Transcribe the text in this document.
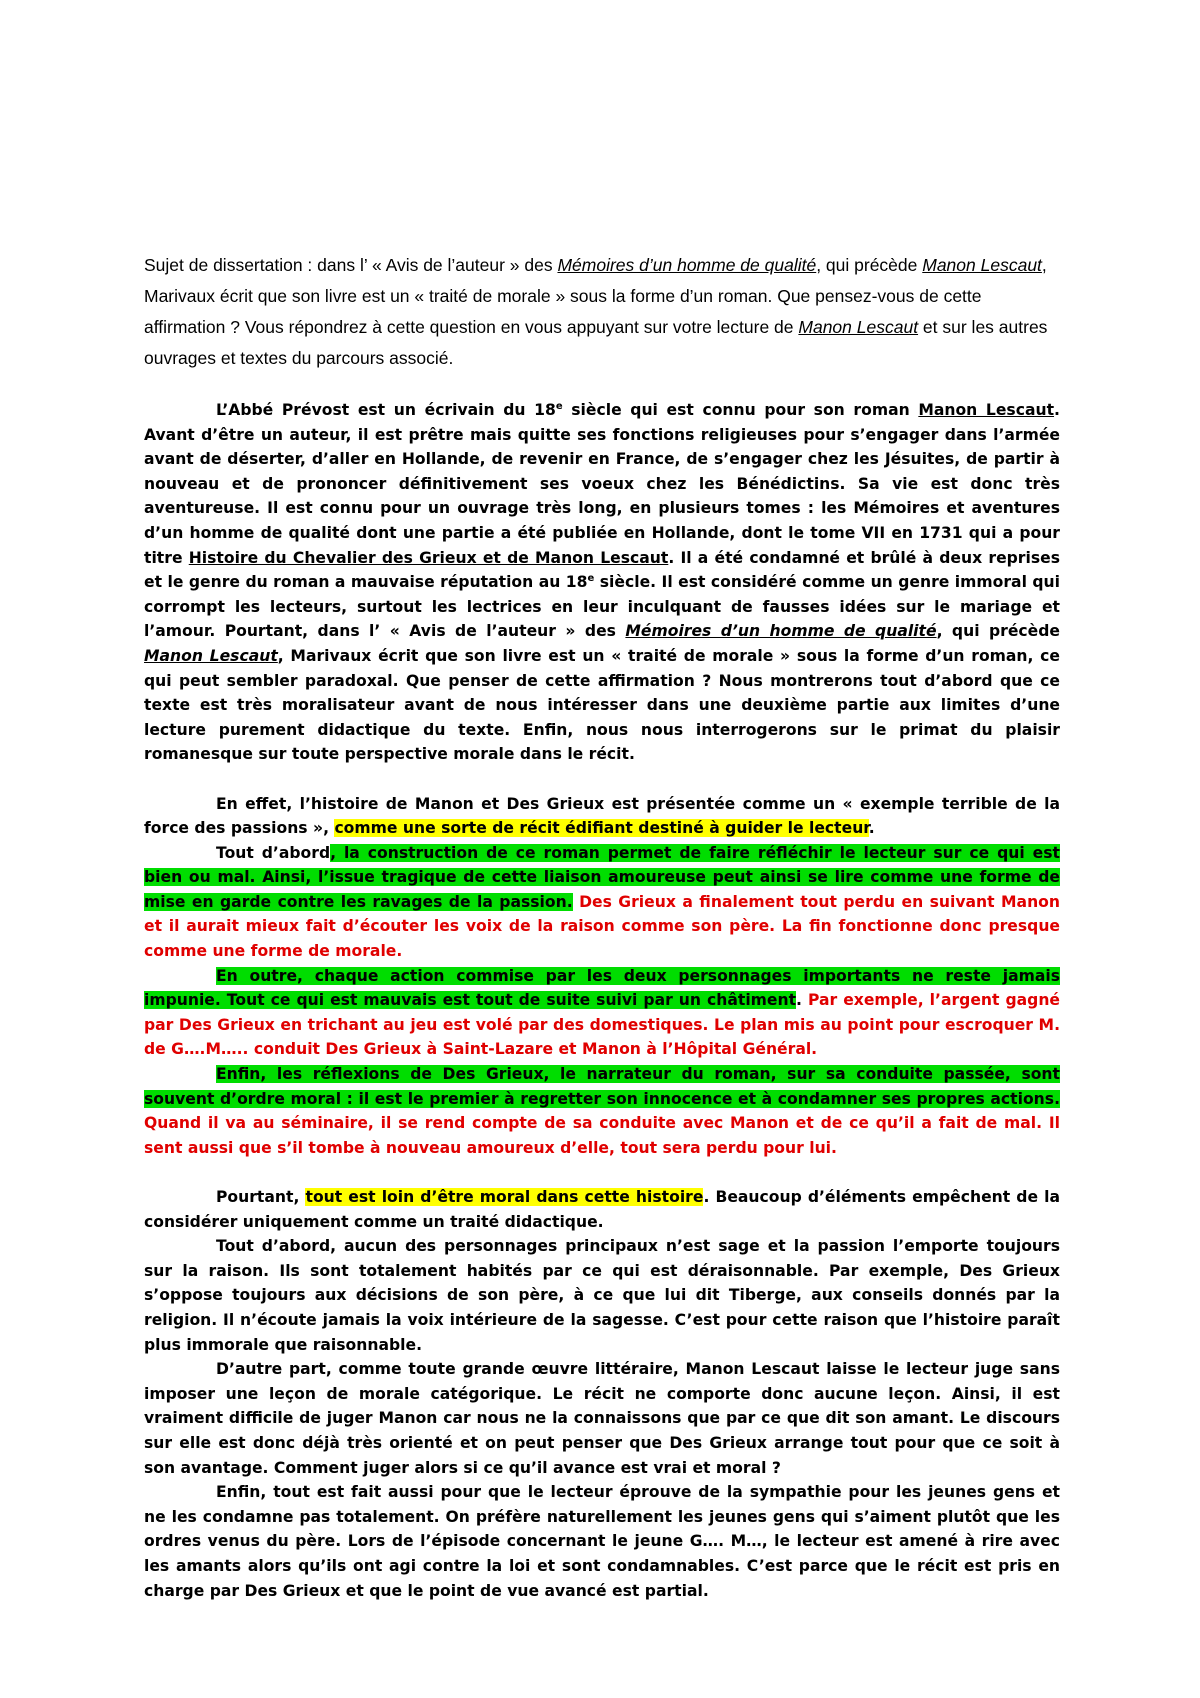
Sujet de dissertation : dans l’ « Avis de l’auteur » des Mémoires d’un homme de qualité, qui précède Manon Lescaut, Marivaux écrit que son livre est un « traité de morale » sous la forme d’un roman. Que pensez-vous de cette affirmation ? Vous répondrez à cette question en vous appuyant sur votre lecture de Manon Lescaut et sur les autres ouvrages et textes du parcours associé.

L’Abbé Prévost est un écrivain du 18e siècle qui est connu pour son roman Manon Lescaut. Avant d’être un auteur, il est prêtre mais quitte ses fonctions religieuses pour s’engager dans l’armée avant de déserter, d’aller en Hollande, de revenir en France, de s’engager chez les Jésuites, de partir à nouveau et de prononcer définitivement ses voeux chez les Bénédictins. Sa vie est donc très aventureuse. Il est connu pour un ouvrage très long, en plusieurs tomes : les Mémoires et aventures d’un homme de qualité dont une partie a été publiée en Hollande, dont le tome VII en 1731 qui a pour titre Histoire du Chevalier des Grieux et de Manon Lescaut. Il a été condamné et brûlé à deux reprises et le genre du roman a mauvaise réputation au 18e siècle. Il est considéré comme un genre immoral qui corrompt les lecteurs, surtout les lectrices en leur inculquant de fausses idées sur le mariage et l’amour. Pourtant, dans l’ « Avis de l’auteur » des Mémoires d’un homme de qualité, qui précède Manon Lescaut, Marivaux écrit que son livre est un « traité de morale » sous la forme d’un roman, ce qui peut sembler paradoxal. Que penser de cette affirmation ? Nous montrerons tout d’abord que ce texte est très moralisateur avant de nous intéresser dans une deuxième partie aux limites d’une lecture purement didactique du texte. Enfin, nous nous interrogerons sur le primat du plaisir romanesque sur toute perspective morale dans le récit.

En effet, l’histoire de Manon et Des Grieux est présentée comme un « exemple terrible de la force des passions », comme une sorte de récit édifiant destiné à guider le lecteur.

Tout d’abord, la construction de ce roman permet de faire réfléchir le lecteur sur ce qui est bien ou mal. Ainsi, l’issue tragique de cette liaison amoureuse peut ainsi se lire comme une forme de mise en garde contre les ravages de la passion. Des Grieux a finalement tout perdu en suivant Manon et il aurait mieux fait d’écouter les voix de la raison comme son père. La fin fonctionne donc presque comme une forme de morale.

En outre, chaque action commise par les deux personnages importants ne reste jamais impunie. Tout ce qui est mauvais est tout de suite suivi par un châtiment. Par exemple, l’argent gagné par Des Grieux en trichant au jeu est volé par des domestiques. Le plan mis au point pour escroquer M. de G….M….. conduit Des Grieux à Saint-Lazare et Manon à l’Hôpital Général.

Enfin, les réflexions de Des Grieux, le narrateur du roman, sur sa conduite passée, sont souvent d’ordre moral : il est le premier à regretter son innocence et à condamner ses propres actions. Quand il va au séminaire, il se rend compte de sa conduite avec Manon et de ce qu’il a fait de mal. Il sent aussi que s’il tombe à nouveau amoureux d’elle, tout sera perdu pour lui.

Pourtant, tout est loin d’être moral dans cette histoire. Beaucoup d’éléments empêchent de la considérer uniquement comme un traité didactique.

Tout d’abord, aucun des personnages principaux n’est sage et la passion l’emporte toujours sur la raison. Ils sont totalement habités par ce qui est déraisonnable. Par exemple, Des Grieux s’oppose toujours aux décisions de son père, à ce que lui dit Tiberge, aux conseils donnés par la religion. Il n’écoute jamais la voix intérieure de la sagesse. C’est pour cette raison que l’histoire paraît plus immorale que raisonnable.

D’autre part, comme toute grande œuvre littéraire, Manon Lescaut laisse le lecteur juge sans imposer une leçon de morale catégorique. Le récit ne comporte donc aucune leçon. Ainsi, il est vraiment difficile de juger Manon car nous ne la connaissons que par ce que dit son amant. Le discours sur elle est donc déjà très orienté et on peut penser que Des Grieux arrange tout pour que ce soit à son avantage. Comment juger alors si ce qu’il avance est vrai et moral ?

Enfin, tout est fait aussi pour que le lecteur éprouve de la sympathie pour les jeunes gens et ne les condamne pas totalement. On préfère naturellement les jeunes gens qui s’aiment plutôt que les ordres venus du père. Lors de l’épisode concernant le jeune G…. M…, le lecteur est amené à rire avec les amants alors qu’ils ont agi contre la loi et sont condamnables. C’est parce que le récit est pris en charge par Des Grieux et que le point de vue avancé est partial.
